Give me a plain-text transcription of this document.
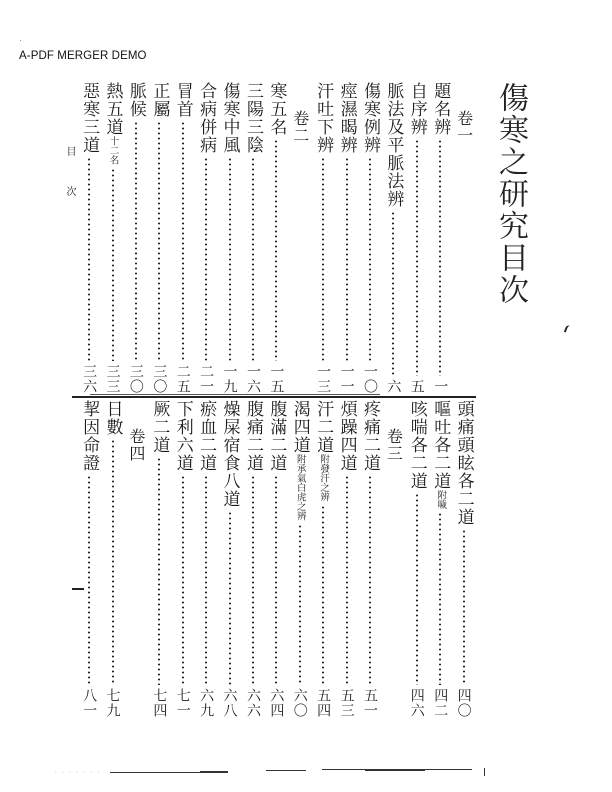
A-PDF MERGER DEMO
傷寒之研究目次
目
次
卷一
題名辨
一
自序辨
五
脈法及平脈法辨
六
傷寒例辨
一〇
痙濕暍辨
一一
汗吐下辨
一三
卷二
寒五名
一五
三陽三陰
一六
傷寒中風
一九
合病併病
二一
冒首
二五
正屬
三〇
脈候
三〇
熱五道
十二名
三三
惡寒三道
三六
頭痛頭眩各二道
四〇
嘔吐各二道
附噦
四二
咳喘各二道
四六
卷三
疼痛二道
五一
煩躁四道
五三
汗二道
附發汗之辨
五四
渴四道
附承氣白虎之辨
六〇
腹滿二道
六四
腹痛二道
六六
燥屎宿食八道
六八
瘀血二道
六九
下利六道
七一
厥二道
七四
卷四
日數
七九
挈因命證
八一
· · · · · · ·
